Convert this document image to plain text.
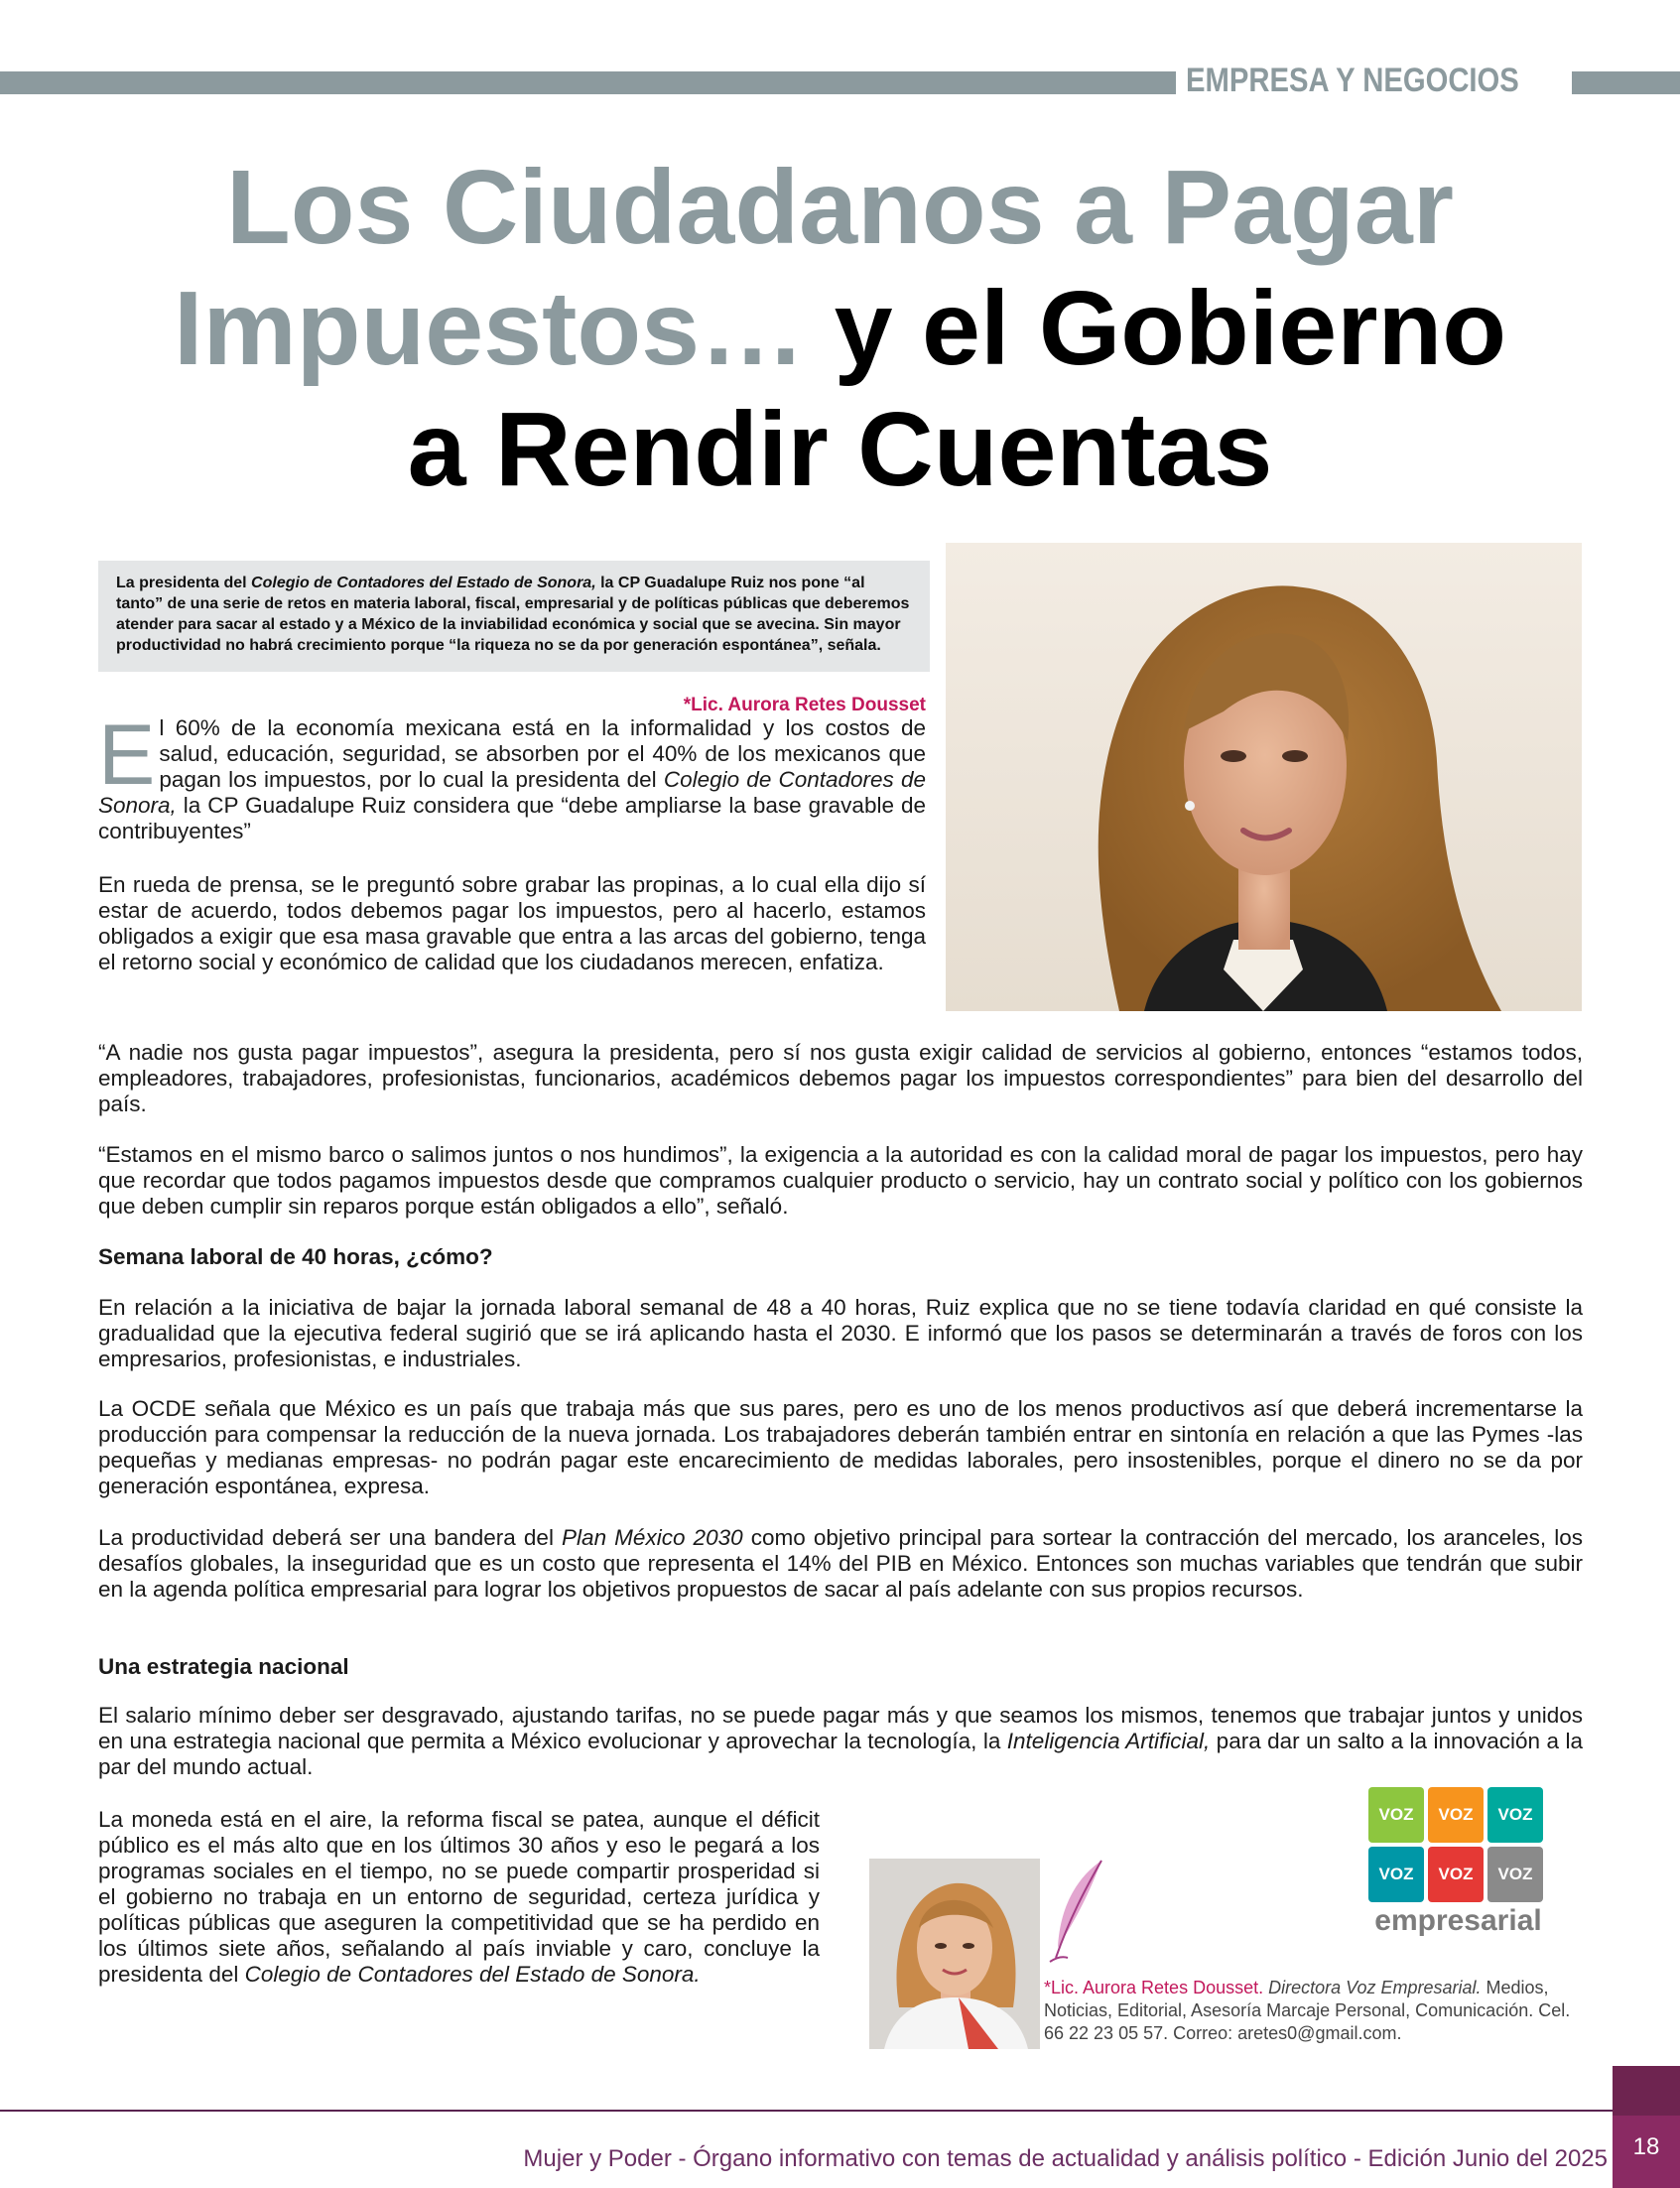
EMPRESA Y NEGOCIOS
Los Ciudadanos a Pagar
Impuestos… y el Gobierno
a Rendir Cuentas
La presidenta del Colegio de Contadores del Estado de Sonora, la CP Guadalupe Ruiz nos pone “al tanto” de una serie de retos en materia laboral, fiscal, empresarial y de políticas públicas que deberemos atender para sacar al estado y a México de la inviabilidad económica y social que se avecina. Sin mayor productividad no habrá crecimiento porque “la riqueza no se da por generación espontánea”, señala.
*Lic. Aurora Retes Dousset
El 60% de la economía mexicana está en la informalidad y los costos de salud, educación, seguridad, se absorben por el 40% de los mexicanos que pagan los impuestos, por lo cual la presidenta del Colegio de Contadores de Sonora, la CP Guadalupe Ruiz considera que “debe ampliarse la base gravable de contribuyentes”
En rueda de prensa, se le preguntó sobre grabar las propinas, a lo cual ella dijo sí estar de acuerdo, todos debemos pagar los impuestos, pero al hacerlo, estamos obligados a exigir que esa masa gravable que entra a las arcas del gobierno, tenga el retorno social y económico de calidad que los ciudadanos merecen, enfatiza.
“A nadie nos gusta pagar impuestos”, asegura la presidenta, pero sí nos gusta exigir calidad de servicios al gobierno, entonces “estamos todos, empleadores, trabajadores, profesionistas, funcionarios, académicos debemos pagar los impuestos correspondientes” para bien del desarrollo del país.
“Estamos en el mismo barco o salimos juntos o nos hundimos”, la exigencia a la autoridad es con la calidad moral de pagar los impuestos, pero hay que recordar que todos pagamos impuestos desde que compramos cualquier producto o servicio, hay un contrato social y político con los gobiernos que deben cumplir sin reparos porque están obligados a ello”, señaló.
Semana laboral de 40 horas, ¿cómo?
En relación a la iniciativa de bajar la jornada laboral semanal de 48 a 40 horas, Ruiz explica que no se tiene todavía claridad en qué consiste la gradualidad que la ejecutiva federal sugirió que se irá aplicando hasta el 2030. E informó que los pasos se determinarán a través de foros con los empresarios, profesionistas, e industriales.
La OCDE señala que México es un país que trabaja más que sus pares, pero es uno de los menos productivos así que deberá incrementarse la producción para compensar la reducción de la nueva jornada. Los trabajadores deberán también entrar en sintonía en relación a que las Pymes -las pequeñas y medianas empresas- no podrán pagar este encarecimiento de medidas laborales, pero insostenibles, porque el dinero no se da por generación espontánea, expresa.
La productividad deberá ser una bandera del Plan México 2030 como objetivo principal para sortear la contracción del mercado, los aranceles, los desafíos globales, la inseguridad que es un costo que representa el 14% del PIB en México. Entonces son muchas variables que tendrán que subir en la agenda política empresarial para lograr los objetivos propuestos de sacar al país adelante con sus propios recursos.
Una estrategia nacional
El salario mínimo deber ser desgravado, ajustando tarifas, no se puede pagar más y que seamos los mismos, tenemos que trabajar juntos y unidos en una estrategia nacional que permita a México evolucionar y aprovechar la tecnología, la Inteligencia Artificial, para dar un salto a la innovación a la par del mundo actual.
La moneda está en el aire, la reforma fiscal se patea, aunque el déficit público es el más alto que en los últimos 30 años y eso le pegará a los programas sociales en el tiempo, no se puede compartir prosperidad si el gobierno no trabaja en un entorno de seguridad, certeza jurídica y políticas públicas que aseguren la competitividad que se ha perdido en los últimos siete años, señalando al país inviable y caro, concluye la presidenta del Colegio de Contadores del Estado de Sonora.
VOZ	VOZ	VOZ
VOZ	VOZ	VOZ
empresarial
*Lic. Aurora Retes Dousset. Directora Voz Empresarial. Medios, Noticias, Editorial, Asesoría Marcaje Personal, Comunicación. Cel. 66 22 23 05 57. Correo: aretes0@gmail.com.
18
Mujer y Poder - Órgano informativo con temas de actualidad y análisis político - Edición Junio del 2025
